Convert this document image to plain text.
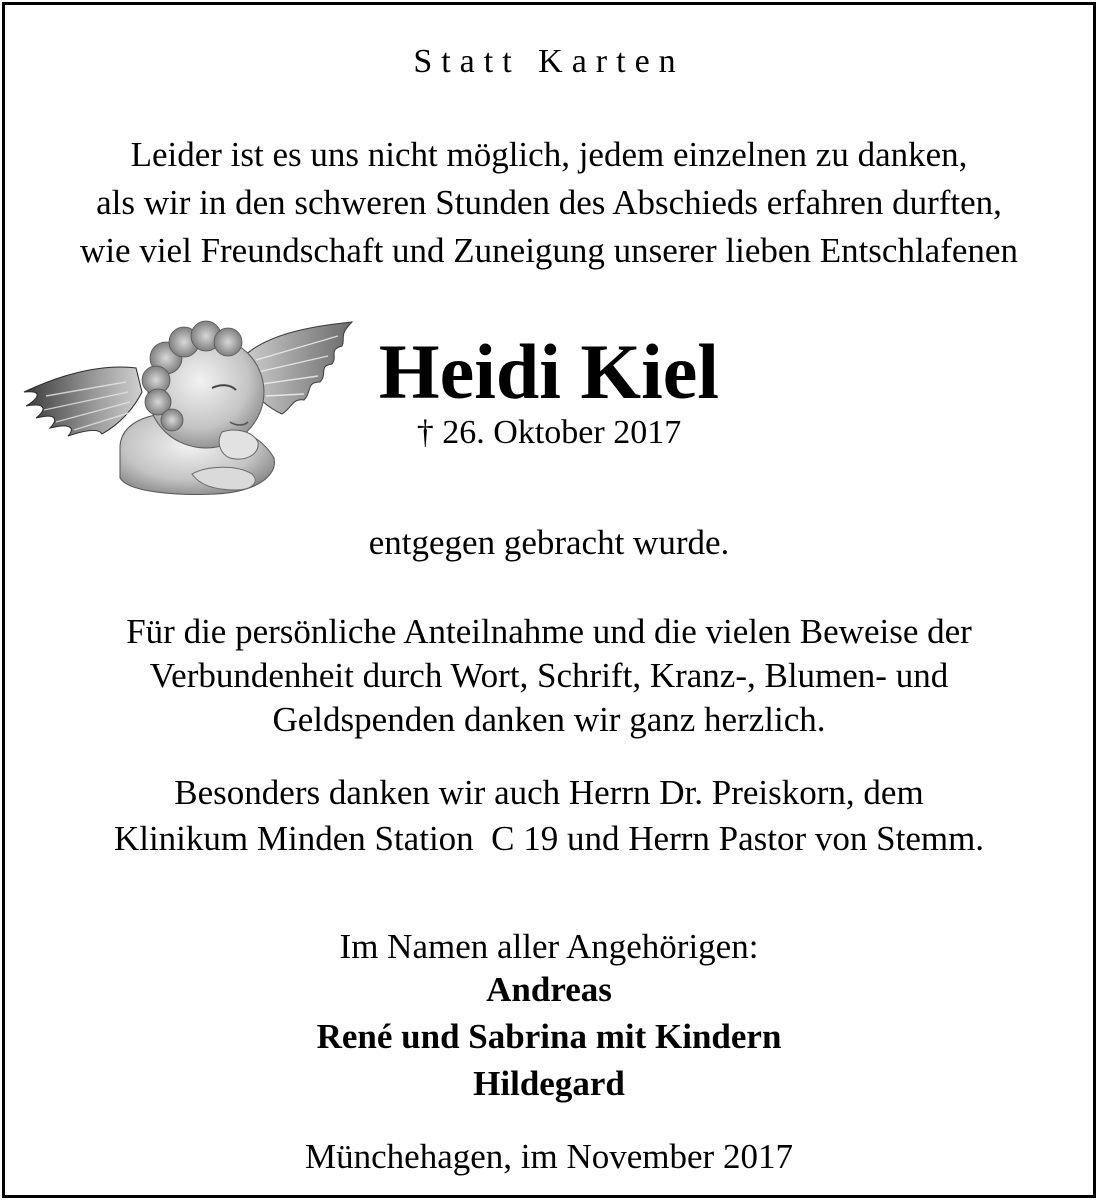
Statt Karten
Leider ist es uns nicht möglich, jedem einzelnen zu danken,
als wir in den schweren Stunden des Abschieds erfahren durften,
wie viel Freundschaft und Zuneigung unserer lieben Entschlafenen
Heidi Kiel
† 26. Oktober 2017
entgegen gebracht wurde.
Für die persönliche Anteilnahme und die vielen Beweise der
Verbundenheit durch Wort, Schrift, Kranz-, Blumen- und
Geldspenden danken wir ganz herzlich.
Besonders danken wir auch Herrn Dr. Preiskorn, dem
Klinikum Minden Station  C 19 und Herrn Pastor von Stemm.
Im Namen aller Angehörigen:
Andreas
René und Sabrina mit Kindern
Hildegard
Münchehagen, im November 2017
